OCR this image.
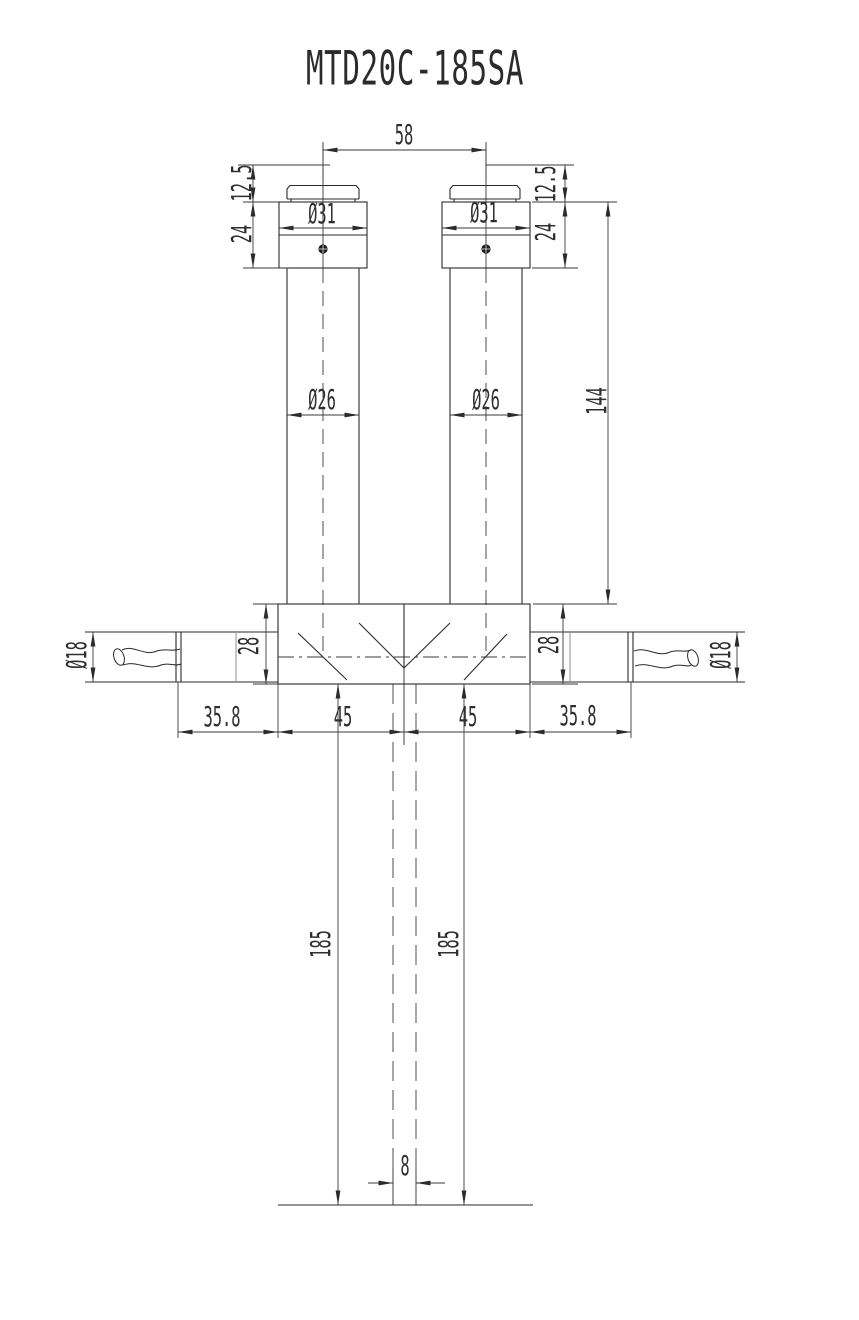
MTD20C-185SA
58
12.5	12.5
24	24
Ø31	Ø31
Ø26	Ø26	144
Ø18	Ø18
28	28
35.8	35.8
45	45
185	185
8
